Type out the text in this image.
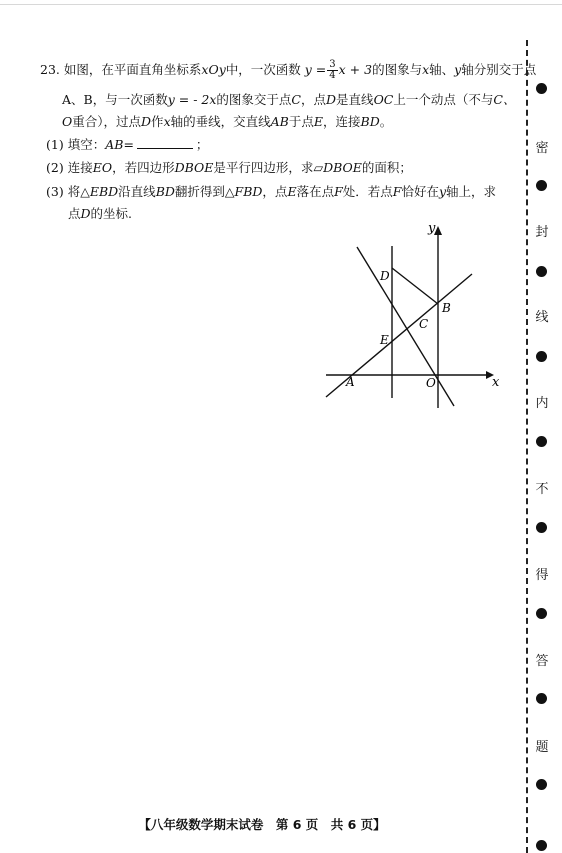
23. 如图，在平面直角坐标系xOy中，一次函数 $y = \frac{3}{4}$ x + 3的图象与x轴、y轴分别交于点
A、B，与一次函数y = - 2x的图象交于点C，点D是直线OC上一个动点（不与C、
O重合），过点D作x轴的垂线，交直线AB于点E，连接BD。
(1) 填空：AB=	；
(2) 连接EO，若四边形DBOE是平行四边形，求▱DBOE的面积；
(3) 将△EBD沿直线BD翻折得到△FBD，点E落在点F处．若点F恰好在y轴上，求
点D的坐标.
y
x
D
B
C
E
A	O
密
封
线
内
不
得
答
题
【八年级数学期末试卷　第 6 页　共 6 页】
